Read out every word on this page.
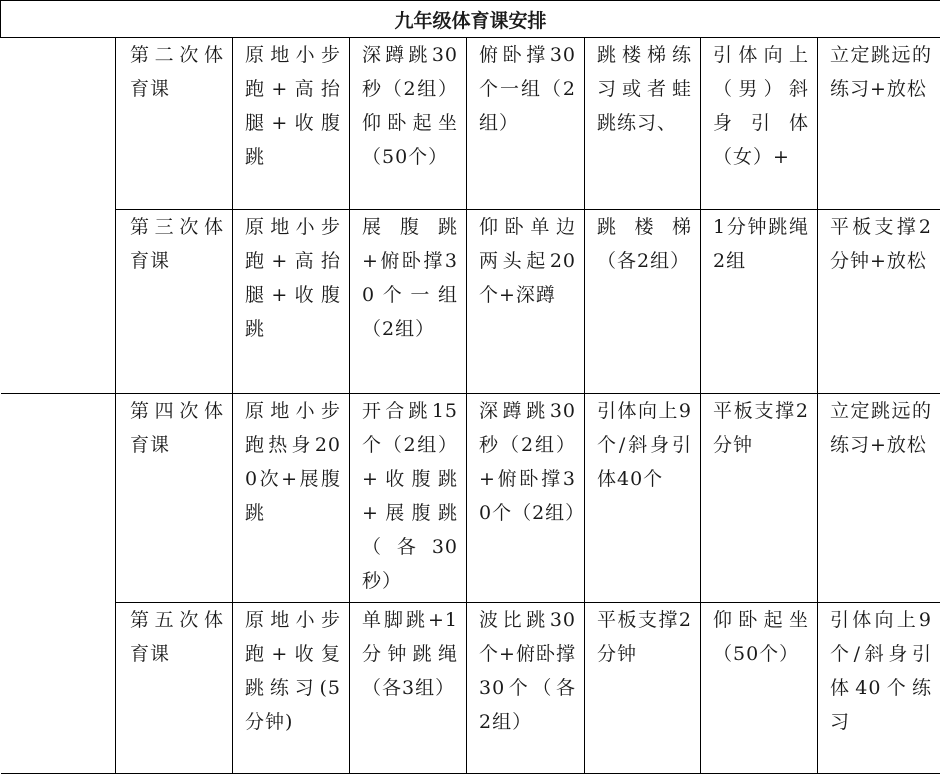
九年级体育课安排							

	第二次体育课	原地小步跑+高抬腿+收腹跳	深蹲跳30秒（2组）仰卧起坐（50个）	俯卧撑30个一组（2组）	跳楼梯练习或者蛙跳练习、	引体向上（男）斜身引体（女）+	立定跳远的练习+放松

	第三次体育课	原地小步跑+高抬腿+收腹跳	展腹跳+俯卧撑30个一组（2组）	仰卧单边两头起20个+深蹲	跳楼梯（各2组）	1分钟跳绳2组	平板支撑2分钟+放松

	第四次体育课	原地小步跑热身200次+展腹跳	开合跳15个（2组）+收腹跳+展腹跳（各30秒）	深蹲跳30秒（2组）+俯卧撑30个（2组）	引体向上9个/斜身引体40个	平板支撑2分钟	立定跳远的练习+放松

	第五次体育课	原地小步跑+收复跳练习(5分钟)	单脚跳+1分钟跳绳（各3组）	波比跳30个+俯卧撑30个（各2组）	平板支撑2分钟	仰卧起坐（50个）	引体向上9个/斜身引体40个练习
